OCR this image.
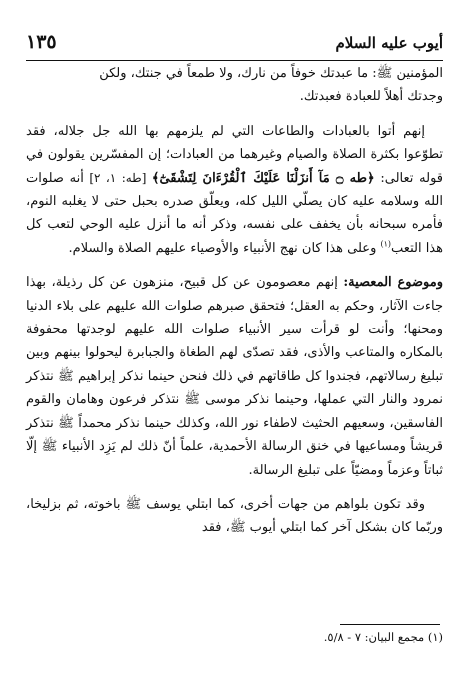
١٣٥	أيوب عليه السلام

المؤمنين ﷺ: ما عبدتك خوفاً من نارك، ولا طمعاً في جنتك، ولكن
وجدتك أهلاً للعبادة فعبدتك.

إنهم أتوا بالعبادات والطاعات التي لم يلزمهم بها الله جل جلاله، فقد تطوّعوا بكثرة الصلاة والصيام وغيرهما من العبادات؛ إن المفسّرين يقولون في قوله تعالى: ﴿طه ۝ مَآ أَنزَلْنَا عَلَيْكَ ٱلْقُرْءَانَ لِتَشْقَىٰٓ﴾ [طه: ١، ٢] أنه صلوات الله وسلامه عليه كان يصلّي الليل كله، ويعلّق صدره بحبل حتى لا يغلبه النوم، فأمره سبحانه بأن يخفف على نفسه، وذكر أنه ما أنزل عليه الوحي لتعب كل هذا التعب$^{(١)}$ وعلى هذا كان نهج الأنبياء والأوصياء عليهم الصلاة والسلام.

وموضوع المعصية: إنهم معصومون عن كل قبيح، منزهون عن كل رذيلة، بهذا جاءت الآثار، وحكم به العقل؛ فتحقق صبرهم صلوات الله عليهم على بلاء الدنيا ومحنها؛ وأنت لو قرأت سير الأنبياء صلوات الله عليهم لوجدتها محفوفة بالمكاره والمتاعب والأذى، فقد تصدّى لهم الطغاة والجبابرة ليحولوا بينهم وبين تبليغ رسالاتهم، فجندوا كل طاقاتهم في ذلك فنحن حينما نذكر إبراهيم ﷺ نتذكر نمرود والنار التي عملها، وحينما نذكر موسى ﷺ نتذكر فرعون وهامان والقوم الفاسقين، وسعيهم الحثيث لاطفاء نور الله، وكذلك حينما نذكر محمداً ﷺ نتذكر قريشاً ومساعيها في خنق الرسالة الأحمدية، علماً أنّ ذلك لم يَزِد الأنبياء ﷺ إلّا ثباتاً وعزماً ومضيّاً على تبليغ الرسالة.

وقد تكون بلواهم من جهات أخرى، كما ابتلي يوسف ﷺ باخوته، ثم بزليخا، وربّما كان بشكل آخر كما ابتلي أيوب ﷺ، فقد

(١) مجمع البيان: ٧ - ٥/٨.
